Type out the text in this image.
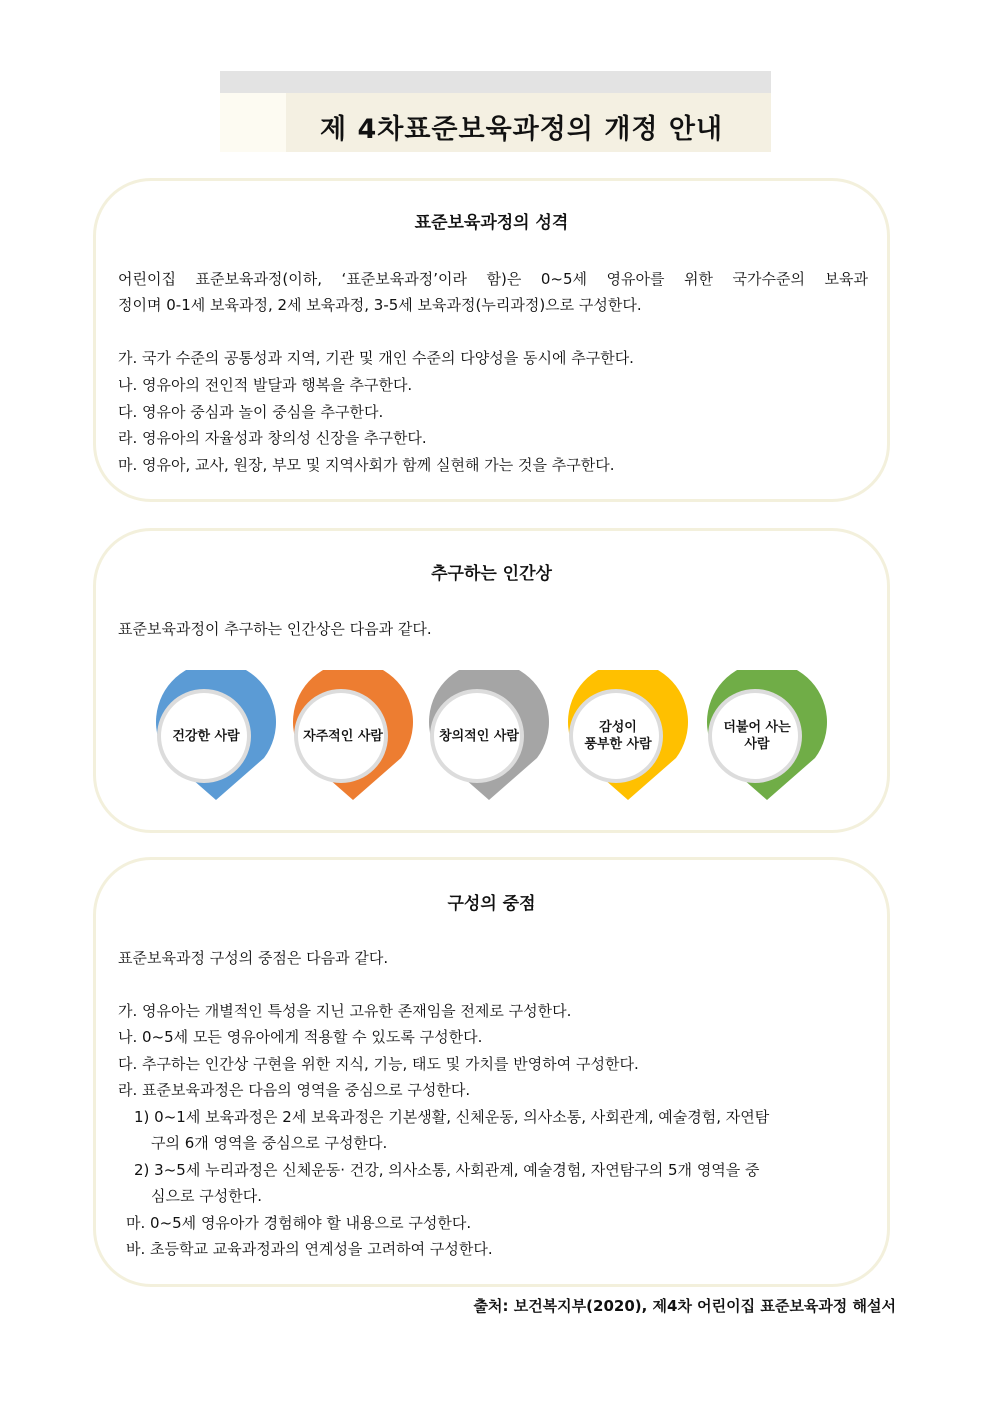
제 4차표준보육과정의 개정 안내
표준보육과정의 성격
어린이집 표준보육과정(이하, ‘표준보육과정’이라 함)은 0~5세 영유아를 위한 국가수준의 보육과
정이며 0-1세 보육과정, 2세 보육과정, 3-5세 보육과정(누리과정)으로 구성한다.
가. 국가 수준의 공통성과 지역, 기관 및 개인 수준의 다양성을 동시에 추구한다.
나. 영유아의 전인적 발달과 행복을 추구한다.
다. 영유아 중심과 놀이 중심을 추구한다.
라. 영유아의 자율성과 창의성 신장을 추구한다.
마. 영유아, 교사, 원장, 부모 및 지역사회가 함께 실현해 가는 것을 추구한다.
추구하는 인간상
표준보육과정이 추구하는 인간상은 다음과 같다.
건강한 사람	자주적인 사람	창의적인 사람

감성이
풍부한 사람
더불어 사는
사람
구성의 중점
표준보육과정 구성의 중점은 다음과 같다.
가. 영유아는 개별적인 특성을 지닌 고유한 존재임을 전제로 구성한다.
나. 0~5세 모든 영유아에게 적용할 수 있도록 구성한다.
다. 추구하는 인간상 구현을 위한 지식, 기능, 태도 및 가치를 반영하여 구성한다.
라. 표준보육과정은 다음의 영역을 중심으로 구성한다.
1) 0~1세 보육과정은 2세 보육과정은 기본생활, 신체운동, 의사소통, 사회관계, 예술경험, 자연탐
구의 6개 영역을 중심으로 구성한다.
2) 3~5세 누리과정은 신체운동· 건강, 의사소통, 사회관계, 예술경험, 자연탐구의 5개 영역을 중
심으로 구성한다.
마. 0~5세 영유아가 경험해야 할 내용으로 구성한다.
바. 초등학교 교육과정과의 연계성을 고려하여 구성한다.
출처: 보건복지부(2020), 제4차 어린이집 표준보육과정 해설서
